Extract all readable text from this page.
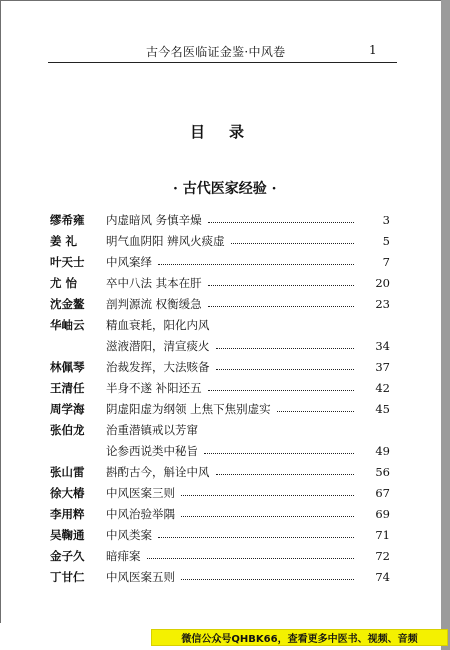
古今名医临证金鉴·中风卷	1
目 录
· 古代医家经验 ·
缪希雍	内虚暗风 务慎辛燥	3
姜 礼	明气血阴阳 辨风火痰虚	5
叶天士	中风案绎	7
尤 怡	卒中八法 其本在肝	20
沈金鳌	剖判源流 权衡缓急	23
华岫云	精血衰耗，阳化内风
滋液潜阳，清宣痰火	34
林佩琴	治裁发挥，大法赅备	37
王清任	半身不遂 补阳还五	42
周学海	阴虚阳虚为纲领 上焦下焦别虚实	45
张伯龙	治重潜镇戒以芳窜
论参西说类中秘旨	49
张山雷	斟酌古今，斛诠中风	56
徐大椿	中风医案三则	67
李用粹	中风治验举隅	69
吴鞠通	中风类案	71
金子久	暗痱案	72
丁甘仁	中风医案五则	74
微信公众号QHBK66，查看更多中医书、视频、音频
